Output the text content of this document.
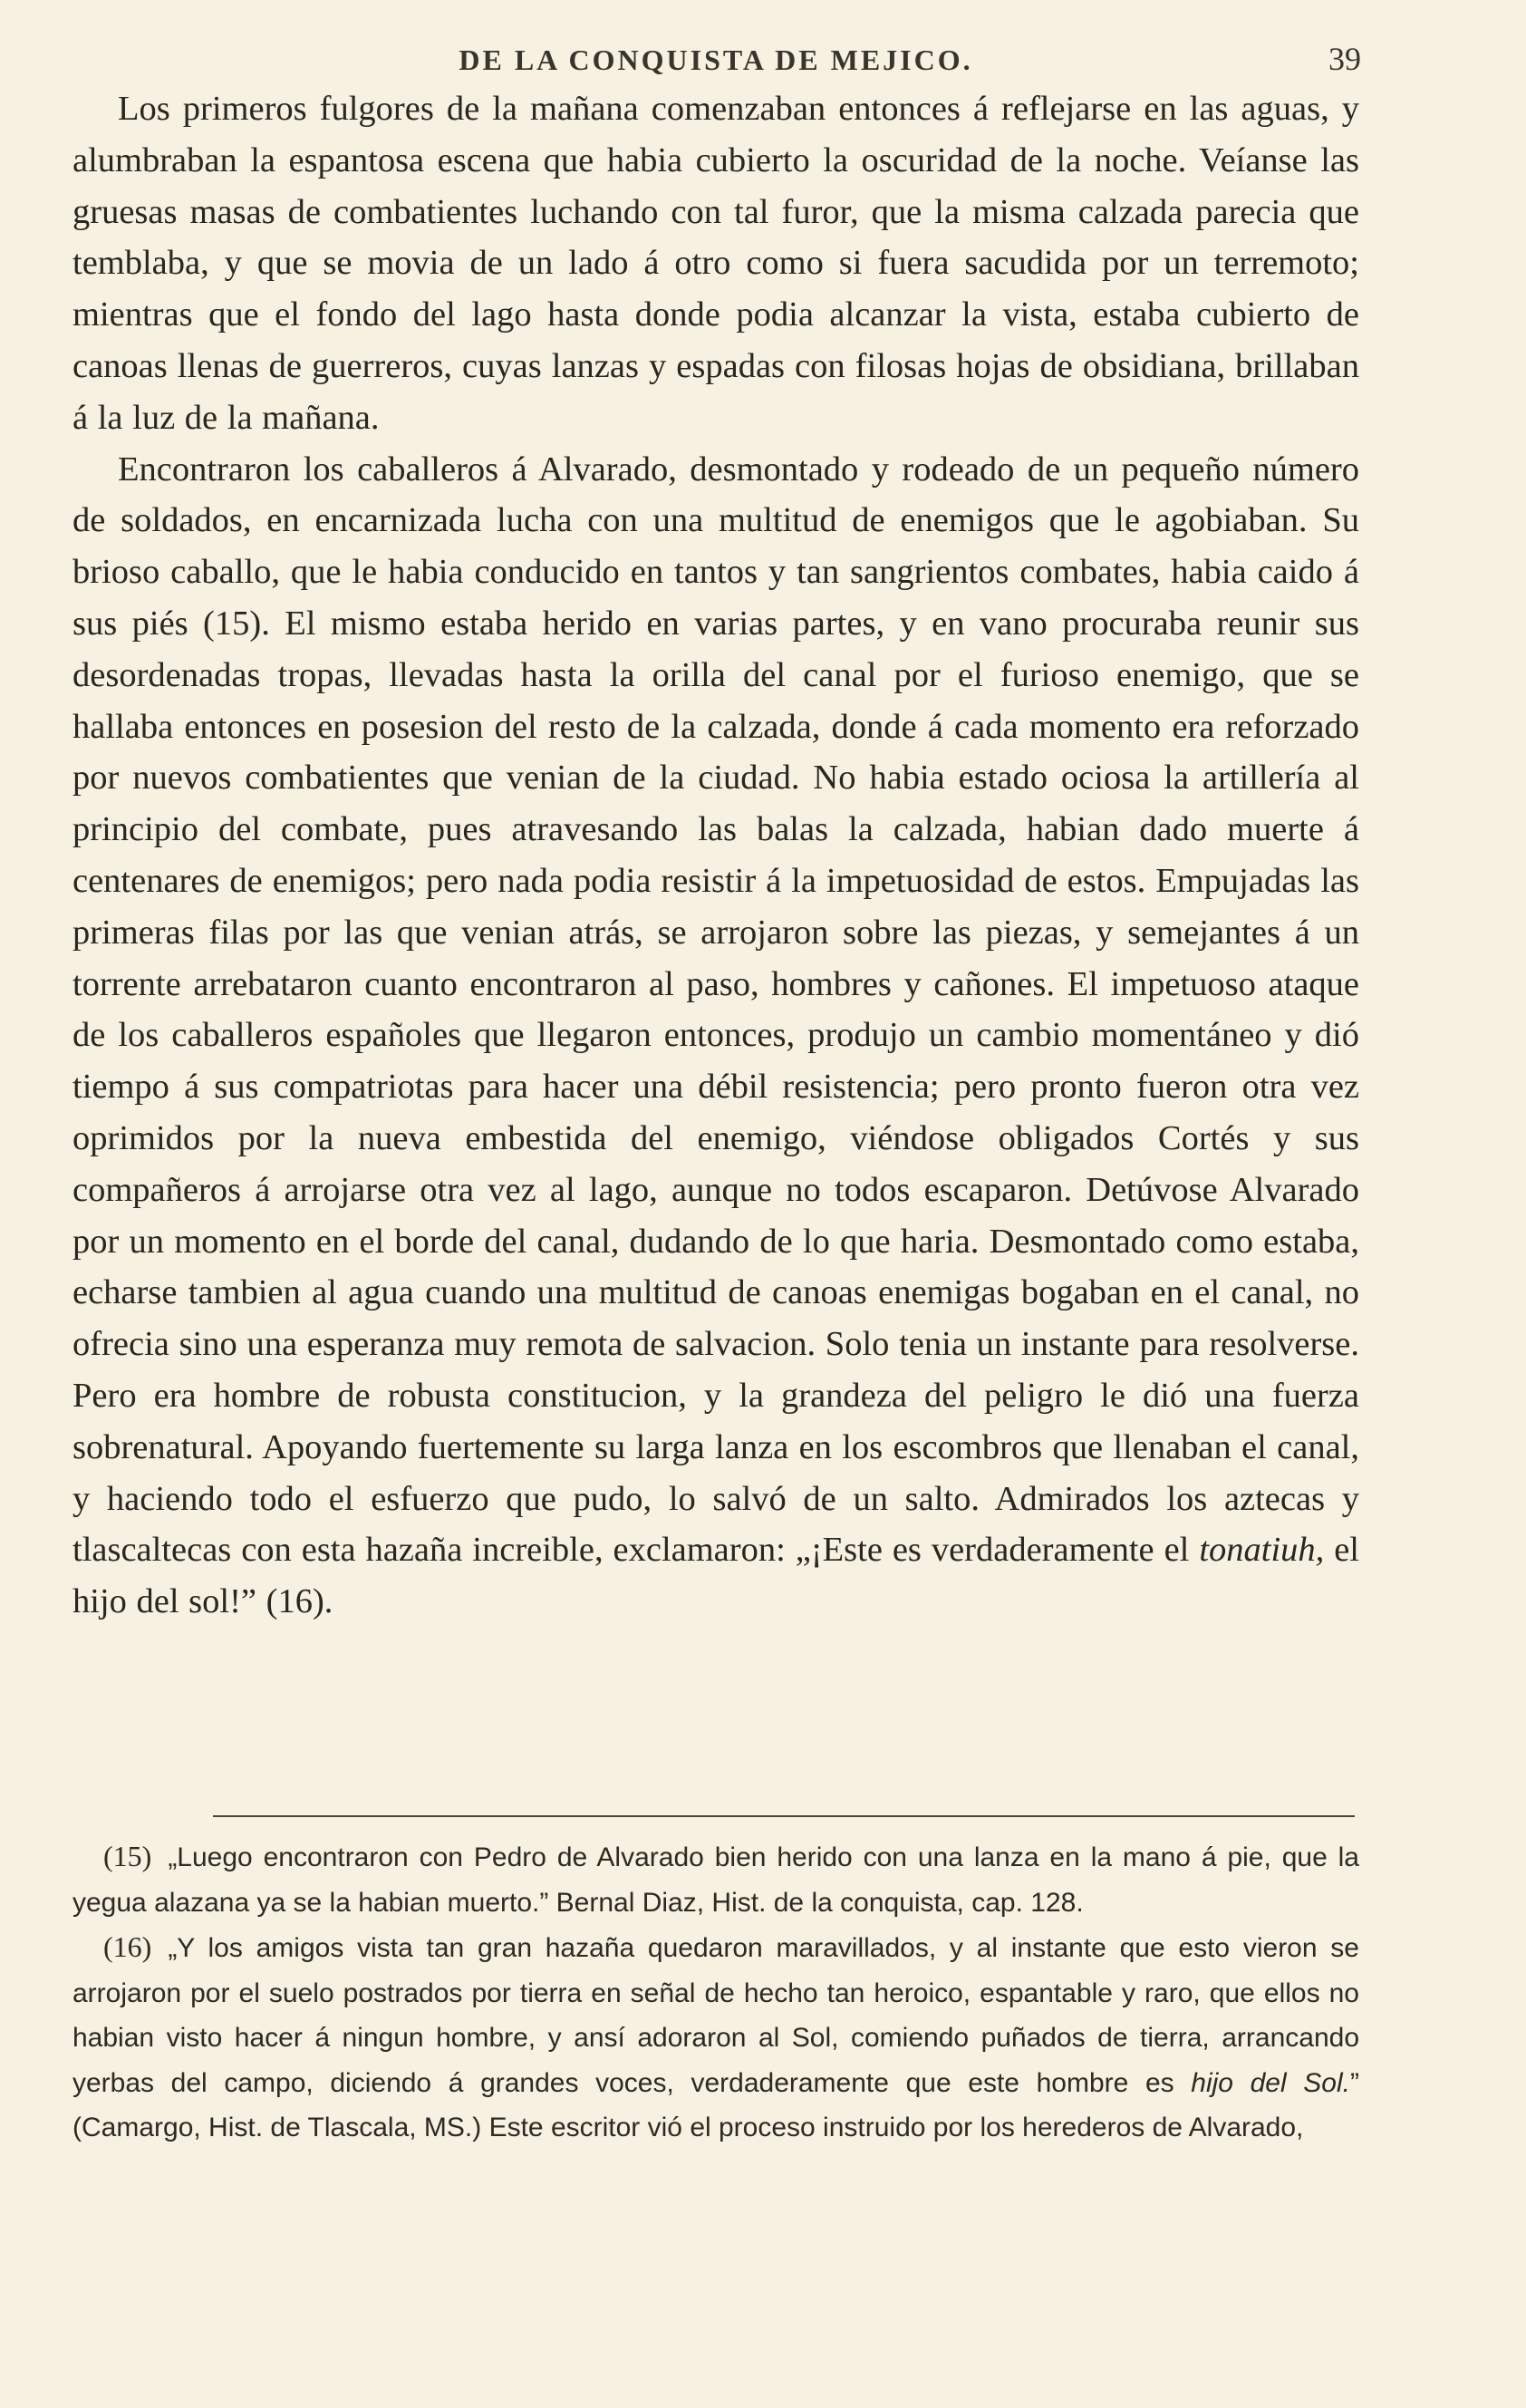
DE LA CONQUISTA DE MEJICO.	39

Los primeros fulgores de la mañana comenzaban entonces á reflejarse en las aguas, y alumbraban la espantosa escena que habia cubierto la oscuridad de la noche. Veíanse las gruesas masas de combatientes luchando con tal furor, que la misma calzada parecia que temblaba, y que se movia de un lado á otro como si fuera sacudida por un terremoto; mientras que el fondo del lago hasta donde podia alcanzar la vista, estaba cubierto de canoas llenas de guerreros, cuyas lanzas y espadas con filosas hojas de obsidiana, brillaban á la luz de la mañana.

Encontraron los caballeros á Alvarado, desmontado y rodeado de un pequeño número de soldados, en encarnizada lucha con una multitud de enemigos que le agobiaban. Su brioso caballo, que le habia conducido en tantos y tan sangrientos combates, habia caido á sus piés (15). El mismo estaba herido en varias partes, y en vano procuraba reunir sus desordenadas tropas, llevadas hasta la orilla del canal por el furioso enemigo, que se hallaba entonces en posesion del resto de la calzada, donde á cada momento era reforzado por nuevos combatientes que venian de la ciudad. No habia estado ociosa la artillería al principio del combate, pues atravesando las balas la calzada, habian dado muerte á centenares de enemigos; pero nada podia resistir á la impetuosidad de estos. Empujadas las primeras filas por las que venian atrás, se arrojaron sobre las piezas, y semejantes á un torrente arrebataron cuanto encontraron al paso, hombres y cañones. El impetuoso ataque de los caballeros españoles que llegaron entonces, produjo un cambio momentáneo y dió tiempo á sus compatriotas para hacer una débil resistencia; pero pronto fueron otra vez oprimidos por la nueva embestida del enemigo, viéndose obligados Cortés y sus compañeros á arrojarse otra vez al lago, aunque no todos escaparon. Detúvose Alvarado por un momento en el borde del canal, dudando de lo que haria. Desmontado como estaba, echarse tambien al agua cuando una multitud de canoas enemigas bogaban en el canal, no ofrecia sino una esperanza muy remota de salvacion. Solo tenia un instante para resolverse. Pero era hombre de robusta constitucion, y la grandeza del peligro le dió una fuerza sobrenatural. Apoyando fuertemente su larga lanza en los escombros que llenaban el canal, y haciendo todo el esfuerzo que pudo, lo salvó de un salto. Admirados los aztecas y tlascaltecas con esta hazaña increible, exclamaron: „¡Este es verdaderamente el tonatiuh, el hijo del sol!” (16).

(15) „Luego encontraron con Pedro de Alvarado bien herido con una lanza en la mano á pie, que la yegua alazana ya se la habian muerto.” Bernal Diaz, Hist. de la conquista, cap. 128.

(16) „Y los amigos vista tan gran hazaña quedaron maravillados, y al instante que esto vieron se arrojaron por el suelo postrados por tierra en señal de hecho tan heroico, espantable y raro, que ellos no habian visto hacer á ningun hombre, y ansí adoraron al Sol, comiendo puñados de tierra, arrancando yerbas del campo, diciendo á grandes voces, verdaderamente que este hombre es hijo del Sol.” (Camargo, Hist. de Tlascala, MS.) Este escritor vió el proceso instruido por los herederos de Alvarado,
